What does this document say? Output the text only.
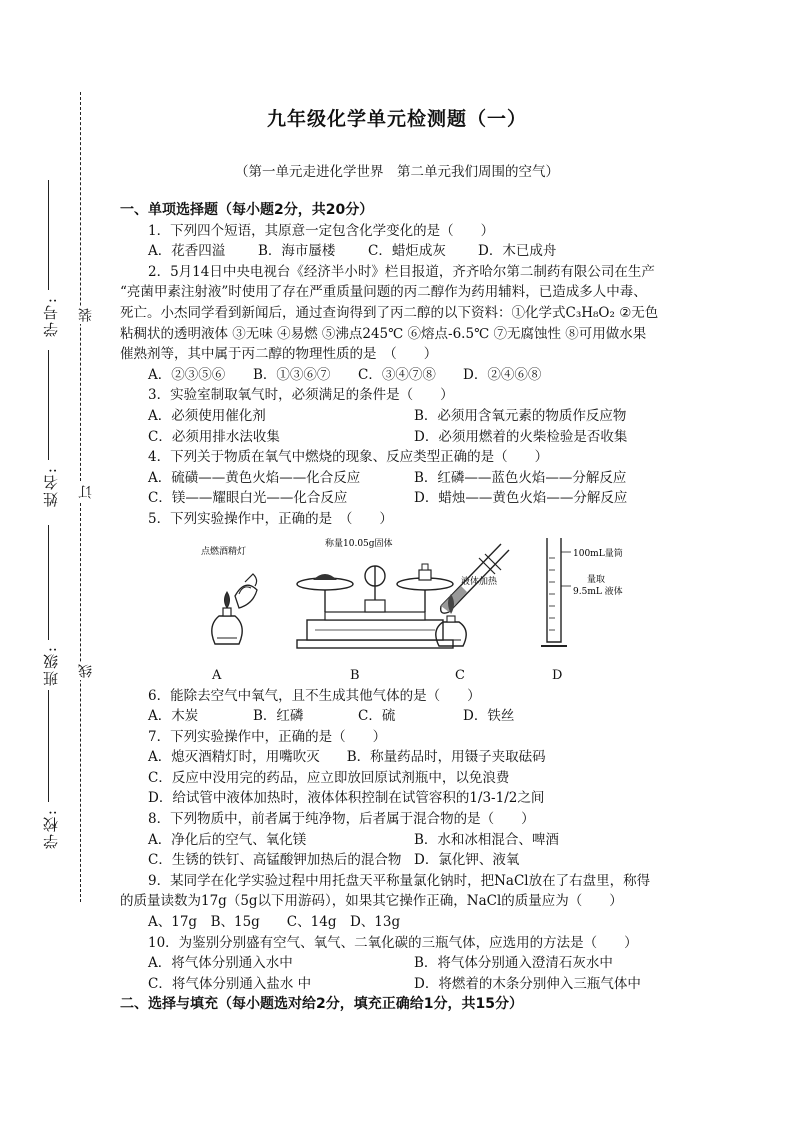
学号:
姓名:
班级:
学校:
装
订
线
九年级化学单元检测题（一）
（第一单元走进化学世界　第二单元我们周围的空气）
一、单项选择题（每小题2分，共20分）
1．下列四个短语，其原意一定包含化学变化的是（　　）
A．花香四溢	B．海市蜃楼	C．蜡炬成灰	D．木已成舟
2．5月14日中央电视台《经济半小时》栏目报道，齐齐哈尔第二制药有限公司在生产
“亮菌甲素注射液”时使用了存在严重质量问题的丙二醇作为药用辅料，已造成多人中毒、
死亡。小杰同学看到新闻后，通过查询得到了丙二醇的以下资料：①化学式C₃H₈O₂ ②无色
粘稠状的透明液体 ③无味 ④易燃 ⑤沸点245℃ ⑥熔点-6.5℃ ⑦无腐蚀性 ⑧可用做水果
催熟剂等，其中属于丙二醇的物理性质的是　（　　）
A．②③⑤⑥	B．①③⑥⑦	C．③④⑦⑧	D．②④⑥⑧
3．实验室制取氧气时，必须满足的条件是（　　）
A．必须使用催化剂	B．必须用含氧元素的物质作反应物
C．必须用排水法收集	D．必须用燃着的火柴检验是否收集
4．下列关于物质在氧气中燃烧的现象、反应类型正确的是（　　）
A．硫磺——黄色火焰——化合反应	B．红磷——蓝色火焰——分解反应
C．镁——耀眼白光——化合反应	D．蜡烛——黄色火焰——分解反应
5．下列实验操作中，正确的是　（　　）
点燃酒精灯
称量10.05g固体
液体加热
100mL量筒
量取
9.5mL 液体
A	B	C	D
6．能除去空气中氧气，且不生成其他气体的是（　　）
A．木炭	B．红磷	C．硫	D．铁丝
7．下列实验操作中，正确的是（　　）
A．熄灭酒精灯时，用嘴吹灭　　B．称量药品时，用镊子夹取砝码
C．反应中没用完的药品，应立即放回原试剂瓶中，以免浪费
D．给试管中液体加热时，液体体积控制在试管容积的1/3-1/2之间
8．下列物质中，前者属于纯净物，后者属于混合物的是（　　）
A．净化后的空气、氧化镁	B．水和冰相混合、啤酒
C．生锈的铁钉、高锰酸钾加热后的混合物 D．氯化钾、液氧
9．某同学在化学实验过程中用托盘天平称量氯化钠时，把NaCl放在了右盘里，称得
的质量读数为17g（5g以下用游码），如果其它操作正确，NaCl的质量应为（　　）
A、17g　B、15g　　C、14g　D、13g
10．为鉴别分别盛有空气、氧气、二氧化碳的三瓶气体，应选用的方法是（　　）
A．将气体分别通入水中	B．将气体分别通入澄清石灰水中
C．将气体分别通入盐水 中	D．将燃着的木条分别伸入三瓶气体中
二、选择与填充（每小题选对给2分，填充正确给1分，共15分）
